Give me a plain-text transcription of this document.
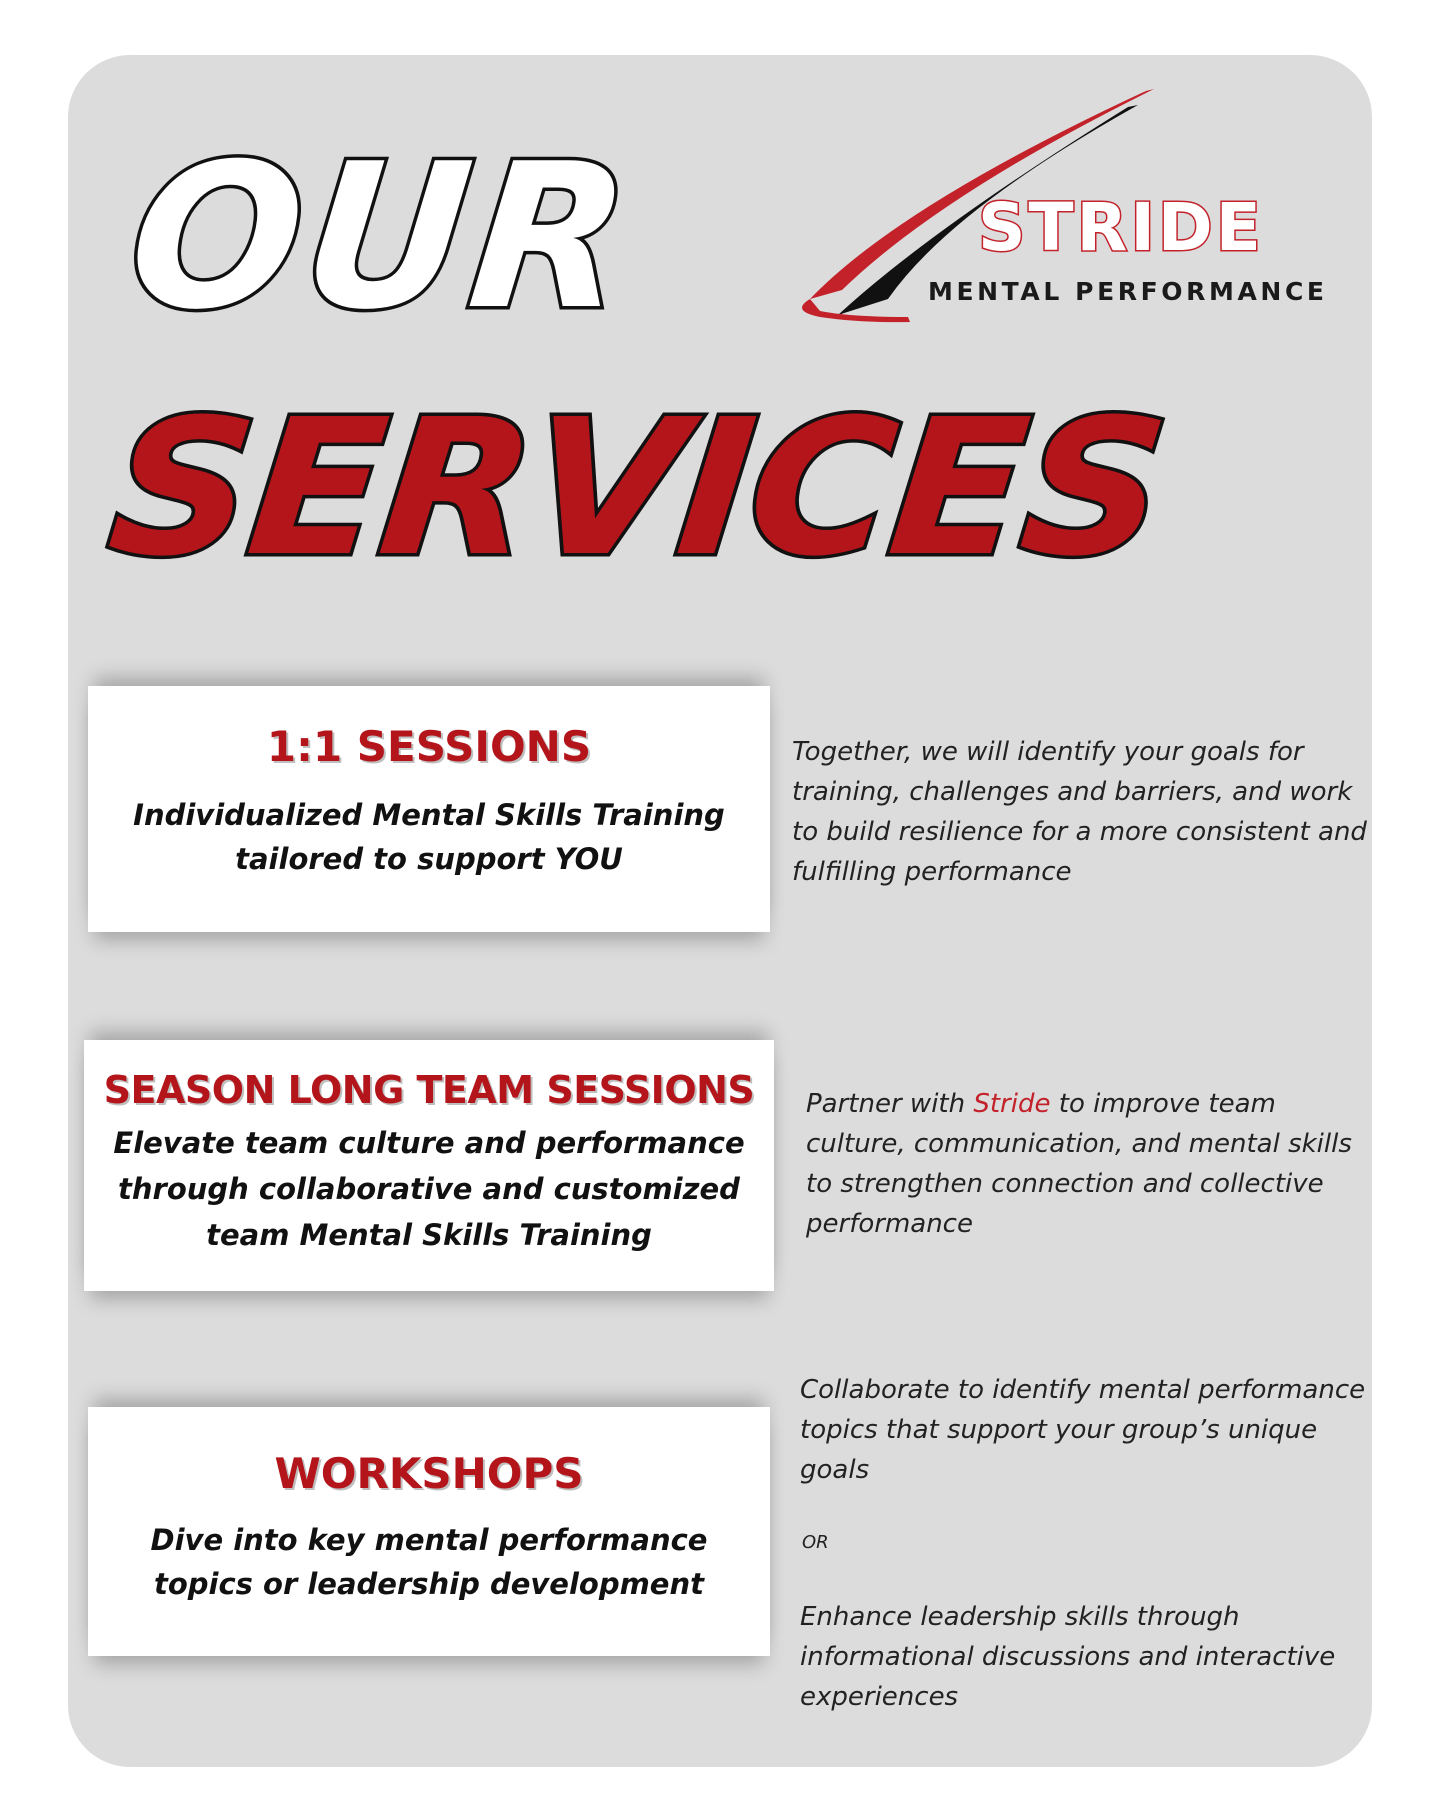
OUR
SERVICES
STRIDE
MENTAL PERFORMANCE
1:1 SESSIONS
Individualized Mental Skills Training
tailored to support YOU
Together, we will identify your goals for training, challenges and barriers, and work to build resilience for a more consistent and fulfilling performance
SEASON LONG TEAM SESSIONS
Elevate team culture and performance
through collaborative and customized
team Mental Skills Training
Partner with Stride to improve team culture, communication, and mental skills to strengthen connection and collective performance
WORKSHOPS
Dive into key mental performance
topics or leadership development
Collaborate to identify mental performance topics that support your group’s unique goals
OR
Enhance leadership skills through informational discussions and interactive experiences
